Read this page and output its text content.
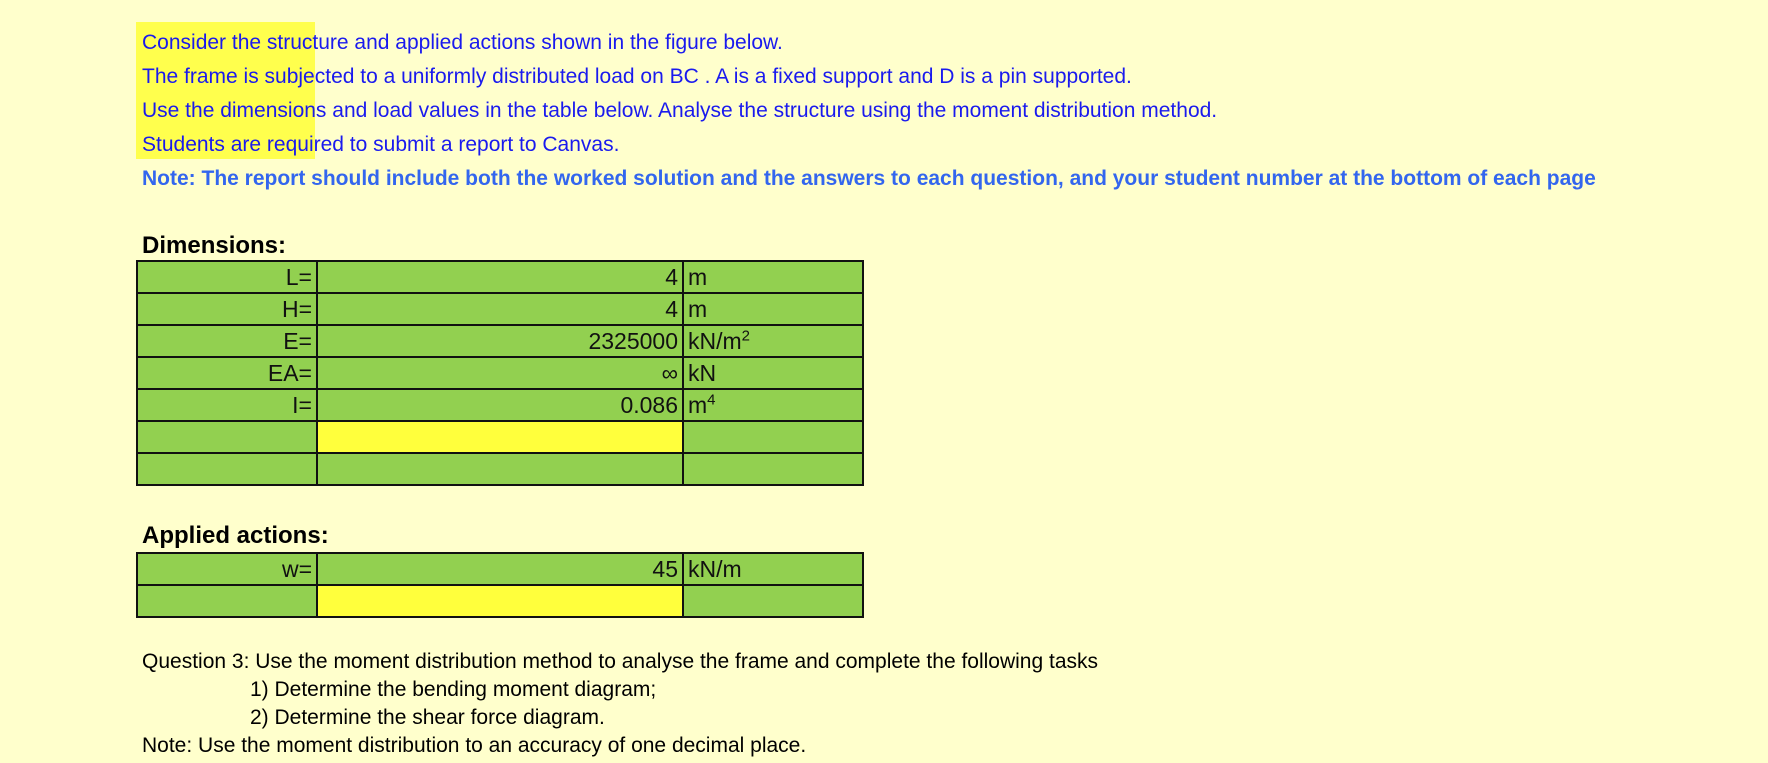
Consider the structure and applied actions shown in the figure below.

The frame is subjected to a uniformly distributed load on BC . A is a fixed support and D is a pin supported.

Use the dimensions and load values in the table below. Analyse the structure using the moment distribution method.

Students are required to submit a report to Canvas.

Note: The report should include both the worked solution and the answers to each question, and your student number at the bottom of each page

Dimensions:

L=	4	m
H=	4	m
E=	2325000	$kN/m^2$
EA=	∞	kN
I=	0.086	$m^4$

Applied actions:

w=	45	kN/m

Question 3: Use the moment distribution method to analyse the frame and complete the following tasks

1) Determine the bending moment diagram;

2) Determine the shear force diagram.

Note: Use the moment distribution to an accuracy of one decimal place.
